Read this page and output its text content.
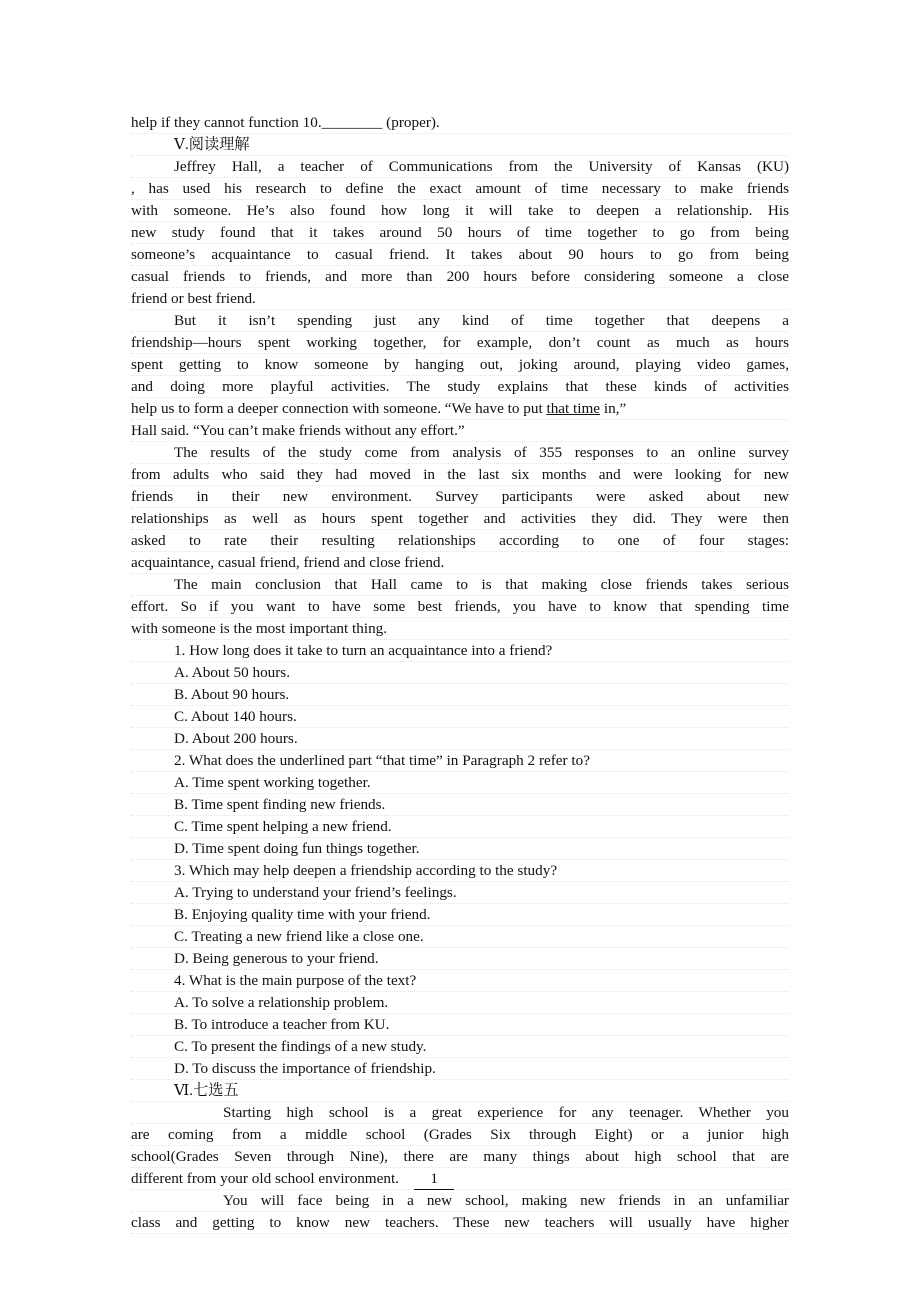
help if they cannot function 10.________ (proper).
Ⅴ.阅读理解
Jeffrey Hall, a teacher of Communications from the University of Kansas (KU)
, has used his research to define the exact amount of time necessary to make friends
with someone. He’s also found how long it will take to deepen a relationship. His
new study found that it takes around 50 hours of time together to go from being
someone’s acquaintance to casual friend. It takes about 90 hours to go from being
casual friends to friends, and more than 200 hours before considering someone a close
friend or best friend.
But it isn’t spending just any kind of time together that deepens a
friendship—hours spent working together, for example, don’t count as much as hours
spent getting to know someone by hanging out, joking around, playing video games,
and doing more playful activities. The study explains that these kinds of activities
help us to form a deeper connection with someone. “We have to put that time in,”
Hall said. “You can’t make friends without any effort.”
The results of the study come from analysis of 355 responses to an online survey
from adults who said they had moved in the last six months and were looking for new
friends in their new environment. Survey participants were asked about new
relationships as well as hours spent together and activities they did. They were then
asked to rate their resulting relationships according to one of four stages:
acquaintance, casual friend, friend and close friend.
The main conclusion that Hall came to is that making close friends takes serious
effort. So if you want to have some best friends, you have to know that spending time
with someone is the most important thing.
1. How long does it take to turn an acquaintance into a friend?
A. About 50 hours.
B. About 90 hours.
C. About 140 hours.
D. About 200 hours.
2. What does the underlined part “that time” in Paragraph 2 refer to?
A. Time spent working together.
B. Time spent finding new friends.
C. Time spent helping a new friend.
D. Time spent doing fun things together.
3. Which may help deepen a friendship according to the study?
A. Trying to understand your friend’s feelings.
B. Enjoying quality time with your friend.
C. Treating a new friend like a close one.
D. Being generous to your friend.
4. What is the main purpose of the text?
A. To solve a relationship problem.
B. To introduce a teacher from KU.
C. To present the findings of a new study.
D. To discuss the importance of friendship.
Ⅵ.七选五
Starting high school is a great experience for any teenager. Whether you
are coming from a middle school (Grades Six through Eight) or a junior high
school(Grades Seven through Nine), there are many things about high school that are
different from your old school environment. 1
You will face being in a new school, making new friends in an unfamiliar
class and getting to know new teachers. These new teachers will usually have higher
